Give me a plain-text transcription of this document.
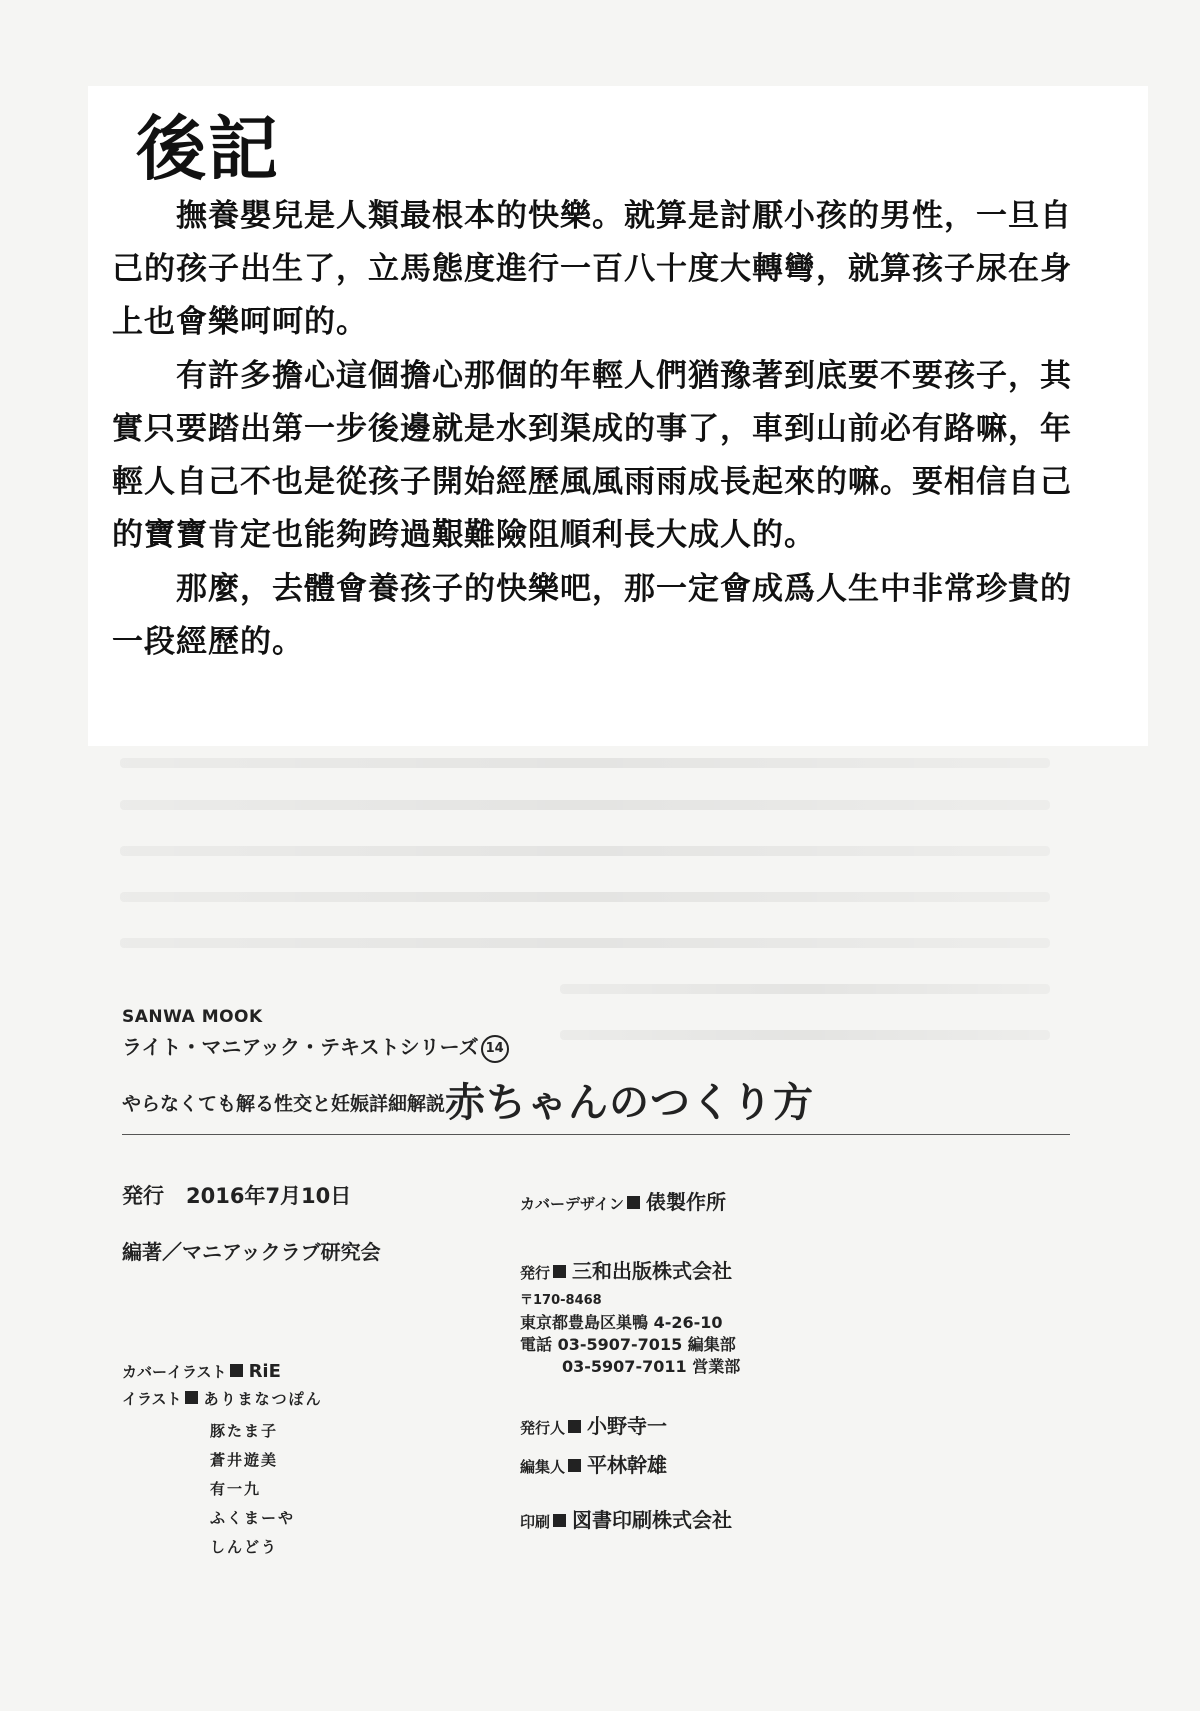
後記

撫養嬰兒是人類最根本的快樂。就算是討厭小孩的男性，一旦自己的孩子出生了，立馬態度進行一百八十度大轉彎，就算孩子尿在身上也會樂呵呵的。

有許多擔心這個擔心那個的年輕人們猶豫著到底要不要孩子，其實只要踏出第一步後邊就是水到渠成的事了，車到山前必有路嘛，年輕人自己不也是從孩子開始經歷風風雨雨成長起來的嘛。要相信自己的寶寶肯定也能夠跨過艱難險阻順利長大成人的。

那麼，去體會養孩子的快樂吧，那一定會成爲人生中非常珍貴的一段經歷的。

SANWA MOOK
ライト・マニアック・テキストシリーズ 14
やらなくても解る性交と妊娠詳細解説赤ちゃんのつくり方
発行 2016年7月10日
編著 ／ マニアックラブ研究会
カバーイラスト RiE
イラスト ありまなつぽん
豚たま子
蒼井遊美
有一九
ふくまーや
しんどう
カバーデザイン 俵製作所
発行 三和出版株式会社
〒170-8468
東京都豊島区巣鴨 4-26-10
電話 03-5907-7015 編集部
03-5907-7011 営業部
発行人 小野寺一
編集人 平林幹雄
印刷 図書印刷株式会社
